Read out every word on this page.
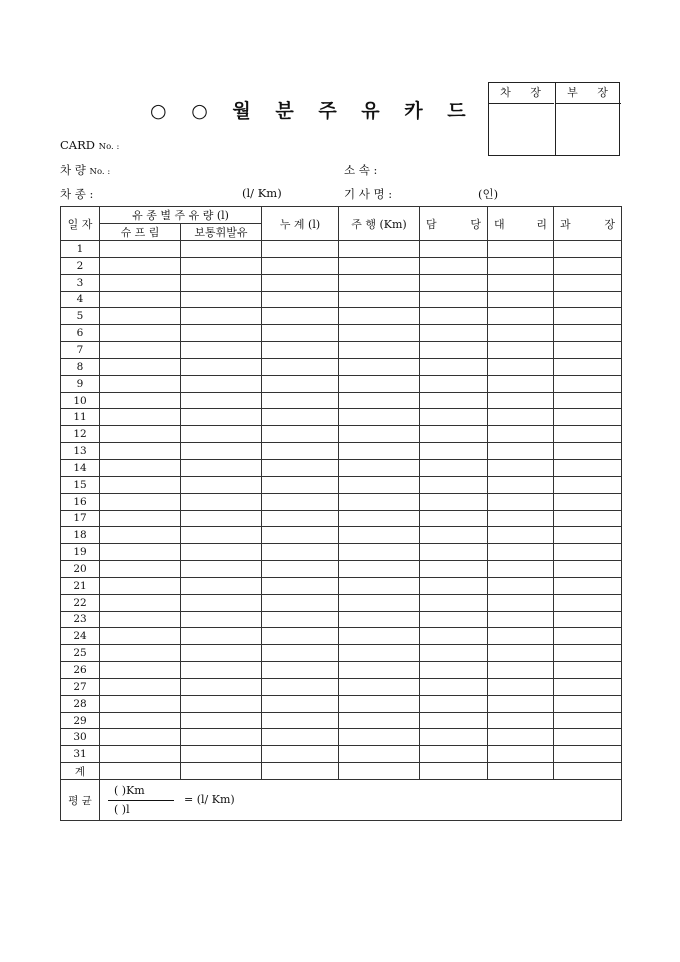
○ ○ 월 분 주 유 카 드
차 장	부 장
CARD No. :
차 량 No. :	소 속 :
차 종 :	(l/ Km)	기 사 명 :	(인)
일 자	유 종 별 주 유 량 (l)		누 계 (l)	주 행 (Km)	담 당	대 리	과 장

	슈 프 림	보통휘발유					
1							
2							
3							
4							
5							
6							
7							
8							
9							
10							
11							
12							
13							
14							
15							
16							
17							
18							
19							
20							
21							
22							
23							
24							
25							
26							
27							
28							
29							
30							
31							
계							
평 균	( )Km
( )l
= (l/ Km)						
